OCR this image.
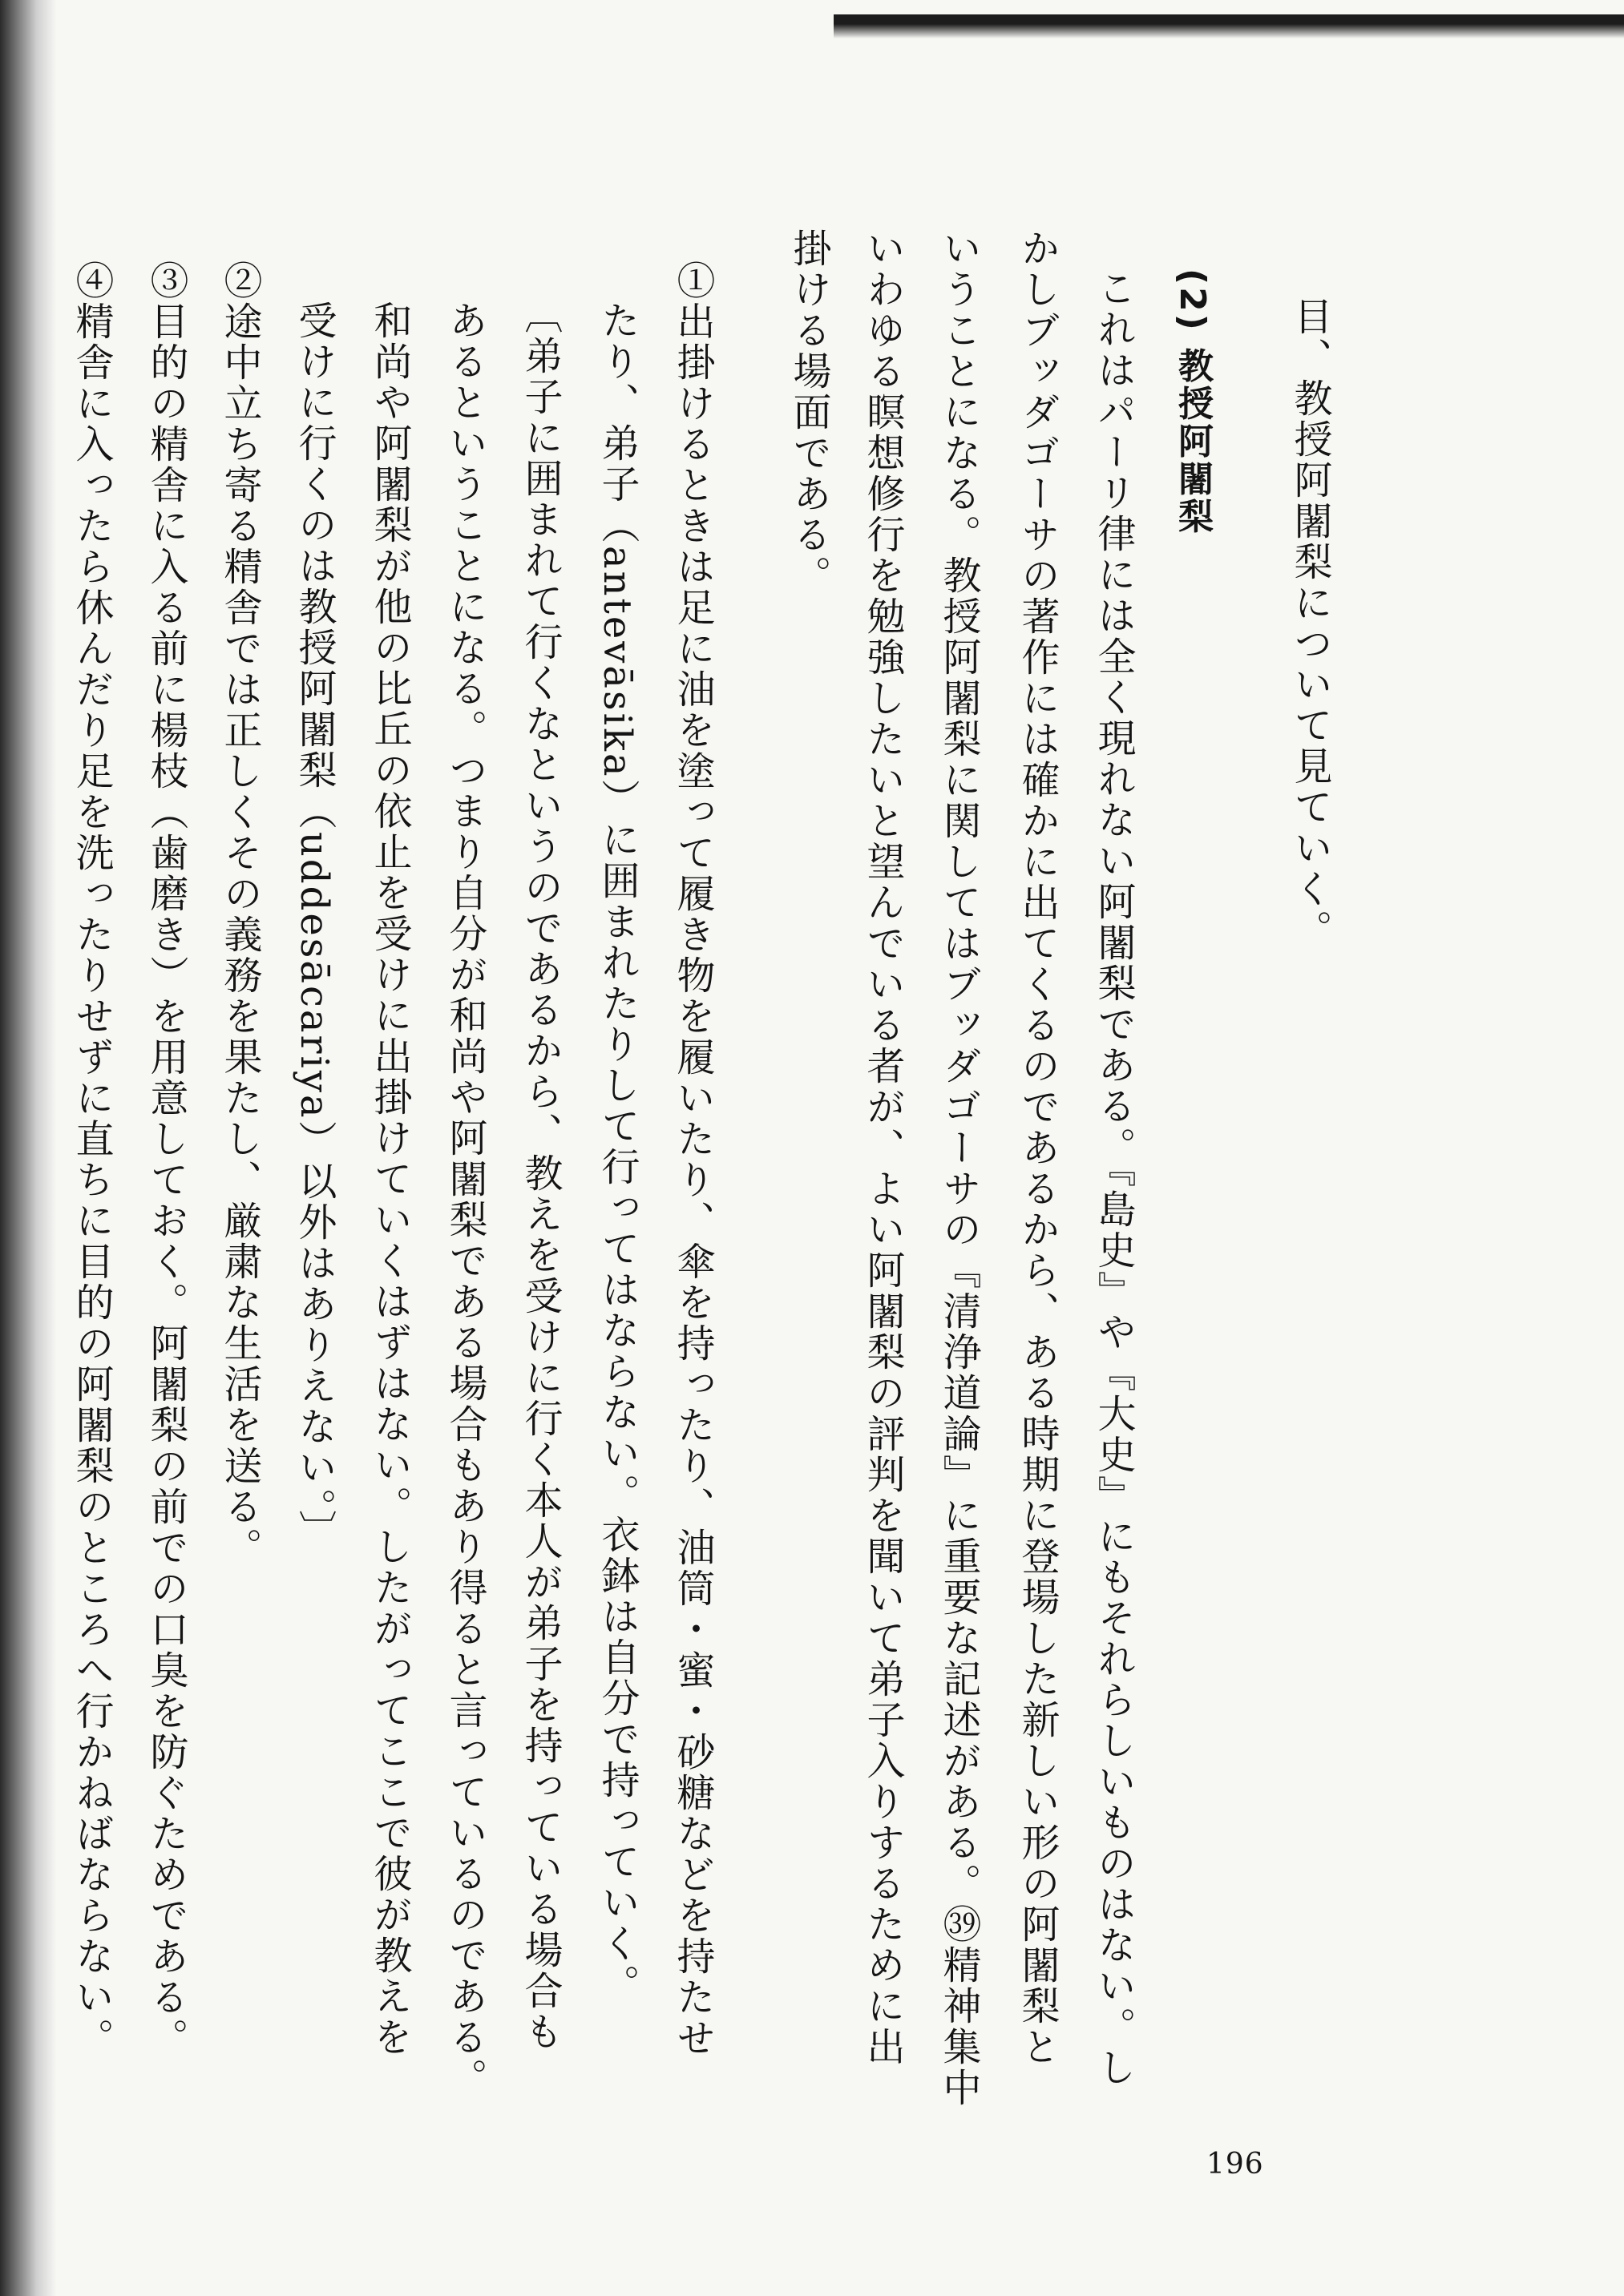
目、教授阿闍梨について見ていく。
(2) 教授阿闍梨
これはパーリ律には全く現れない阿闍梨である。『島史』や『大史』にもそれらしいものはない。し
かしブッダゴーサの著作には確かに出てくるのであるから、ある時期に登場した新しい形の阿闍梨と
いうことになる。教授阿闍梨に関してはブッダゴーサの『清浄道論』に重要な記述がある。㊴精神集中
いわゆる瞑想修行を勉強したいと望んでいる者が、よい阿闍梨の評判を聞いて弟子入りするために出
掛ける場面である。
①出掛けるときは足に油を塗って履き物を履いたり、傘を持ったり、油筒・蜜・砂糖などを持たせ
たり、弟子（antevāsika）に囲まれたりして行ってはならない。衣鉢は自分で持っていく。
〔弟子に囲まれて行くなというのであるから、教えを受けに行く本人が弟子を持っている場合も
あるということになる。つまり自分が和尚や阿闍梨である場合もあり得ると言っているのである。
和尚や阿闍梨が他の比丘の依止を受けに出掛けていくはずはない。したがってここで彼が教えを
受けに行くのは教授阿闍梨（uddesācariya）以外はありえない。〕
②途中立ち寄る精舎では正しくその義務を果たし、厳粛な生活を送る。
③目的の精舎に入る前に楊枝（歯磨き）を用意しておく。阿闍梨の前での口臭を防ぐためである。
④精舎に入ったら休んだり足を洗ったりせずに直ちに目的の阿闍梨のところへ行かねばならない。
196
